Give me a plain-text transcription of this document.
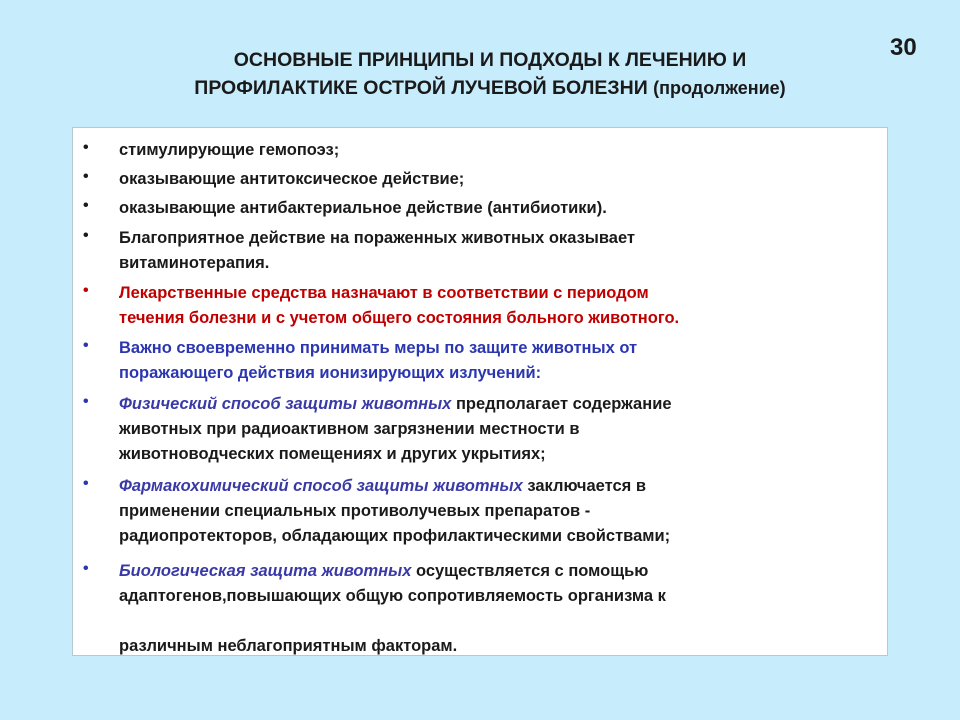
30
ОСНОВНЫЕ ПРИНЦИПЫ И ПОДХОДЫ К ЛЕЧЕНИЮ И
ПРОФИЛАКТИКЕ ОСТРОЙ ЛУЧЕВОЙ БОЛЕЗНИ (продолжение)
•	стимулирующие гемопоэз;
•	оказывающие антитоксическое действие;
•	оказывающие антибактериальное действие (антибиотики).
•	Благоприятное действие на пораженных животных оказывает
витаминотерапия.
•	Лекарственные средства назначают в соответствии с периодом
течения болезни и с учетом общего состояния больного животного.
•	Важно своевременно принимать меры по защите животных от
поражающего действия ионизирующих излучений:
•	Физический способ защиты животных предполагает содержание
животных при радиоактивном загрязнении местности в
животноводческих помещениях и других укрытиях;
•	Фармакохимический способ защиты животных заключается в
применении специальных противолучевых препаратов -
радиопротекторов, обладающих профилактическими свойствами;
•	Биологическая защита животных осуществляется с помощью
адаптогенов,повышающих общую сопротивляемость организма к
различным неблагоприятным факторам.
